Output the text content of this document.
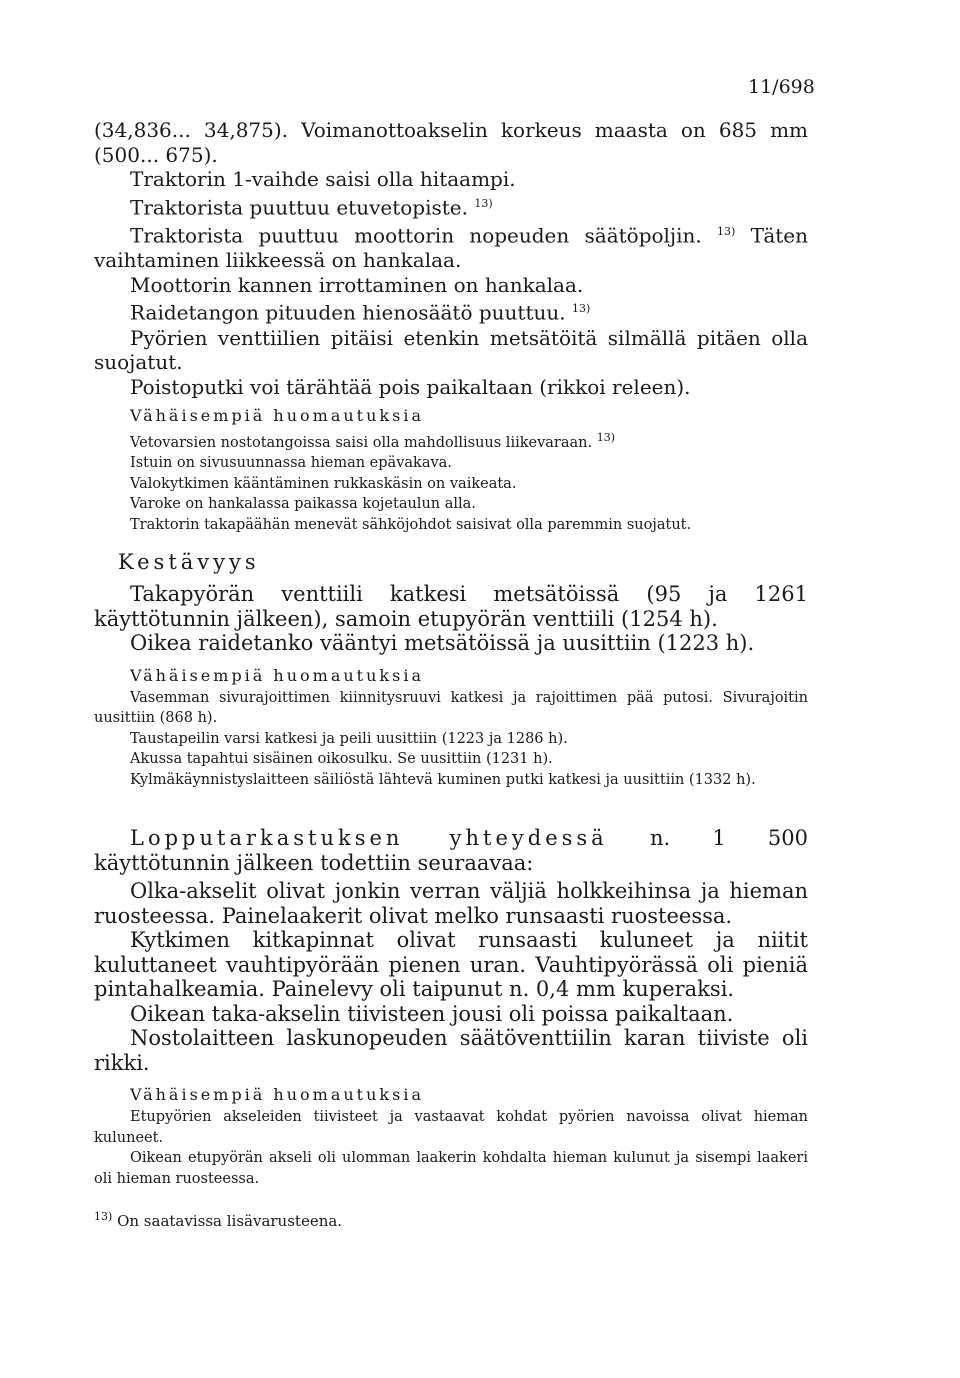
11/698

(34,836... 34,875). Voimanottoakselin korkeus maasta on 685 mm (500... 675).

Traktorin 1-vaihde saisi olla hitaampi.

Traktorista puuttuu etuvetopiste. $^{13)}$

Traktorista puuttuu moottorin nopeuden säätöpoljin. $^{13)}$ Täten vaihtaminen liikkeessä on hankalaa.

Moottorin kannen irrottaminen on hankalaa.

Raidetangon pituuden hienosäätö puuttuu. $^{13)}$

Pyörien venttiilien pitäisi etenkin metsätöitä silmällä pitäen olla suojatut.

Poistoputki voi tärähtää pois paikaltaan (rikkoi releen).

Vähäisempiä huomautuksia

Vetovarsien nostotangoissa saisi olla mahdollisuus liikevaraan. $^{13)}$

Istuin on sivusuunnassa hieman epävakava.

Valokytkimen kääntäminen rukkaskäsin on vaikeata.

Varoke on hankalassa paikassa kojetaulun alla.

Traktorin takapäähän menevät sähköjohdot saisivat olla paremmin suojatut.

Kestävyys

Takapyörän venttiili katkesi metsätöissä (95 ja 1261 käyttötunnin jälkeen), samoin etupyörän venttiili (1254 h).

Oikea raidetanko vääntyi metsätöissä ja uusittiin (1223 h).

Vähäisempiä huomautuksia

Vasemman sivurajoittimen kiinnitysruuvi katkesi ja rajoittimen pää putosi. Sivurajoitin uusittiin (868 h).

Taustapeilin varsi katkesi ja peili uusittiin (1223 ja 1286 h).

Akussa tapahtui sisäinen oikosulku. Se uusittiin (1231 h).

Kylmäkäynnistyslaitteen säiliöstä lähtevä kuminen putki katkesi ja uusittiin (1332 h).

Lopputarkastuksen yhteydessä n. 1 500 käyttötunnin jälkeen todettiin seuraavaa:

Olka-akselit olivat jonkin verran väljiä holkkeihinsa ja hieman ruosteessa. Painelaakerit olivat melko runsaasti ruosteessa.

Kytkimen kitkapinnat olivat runsaasti kuluneet ja niitit kuluttaneet vauhtipyörään pienen uran. Vauhtipyörässä oli pieniä pintahalkeamia. Painelevy oli taipunut n. 0,4 mm kuperaksi.

Oikean taka-akselin tiivisteen jousi oli poissa paikaltaan.

Nostolaitteen laskunopeuden säätöventtiilin karan tiiviste oli rikki.

Vähäisempiä huomautuksia

Etupyörien akseleiden tiivisteet ja vastaavat kohdat pyörien navoissa olivat hieman kuluneet.

Oikean etupyörän akseli oli ulomman laakerin kohdalta hieman kulunut ja sisempi laakeri oli hieman ruosteessa.

$^{13)}$ On saatavissa lisävarusteena.
